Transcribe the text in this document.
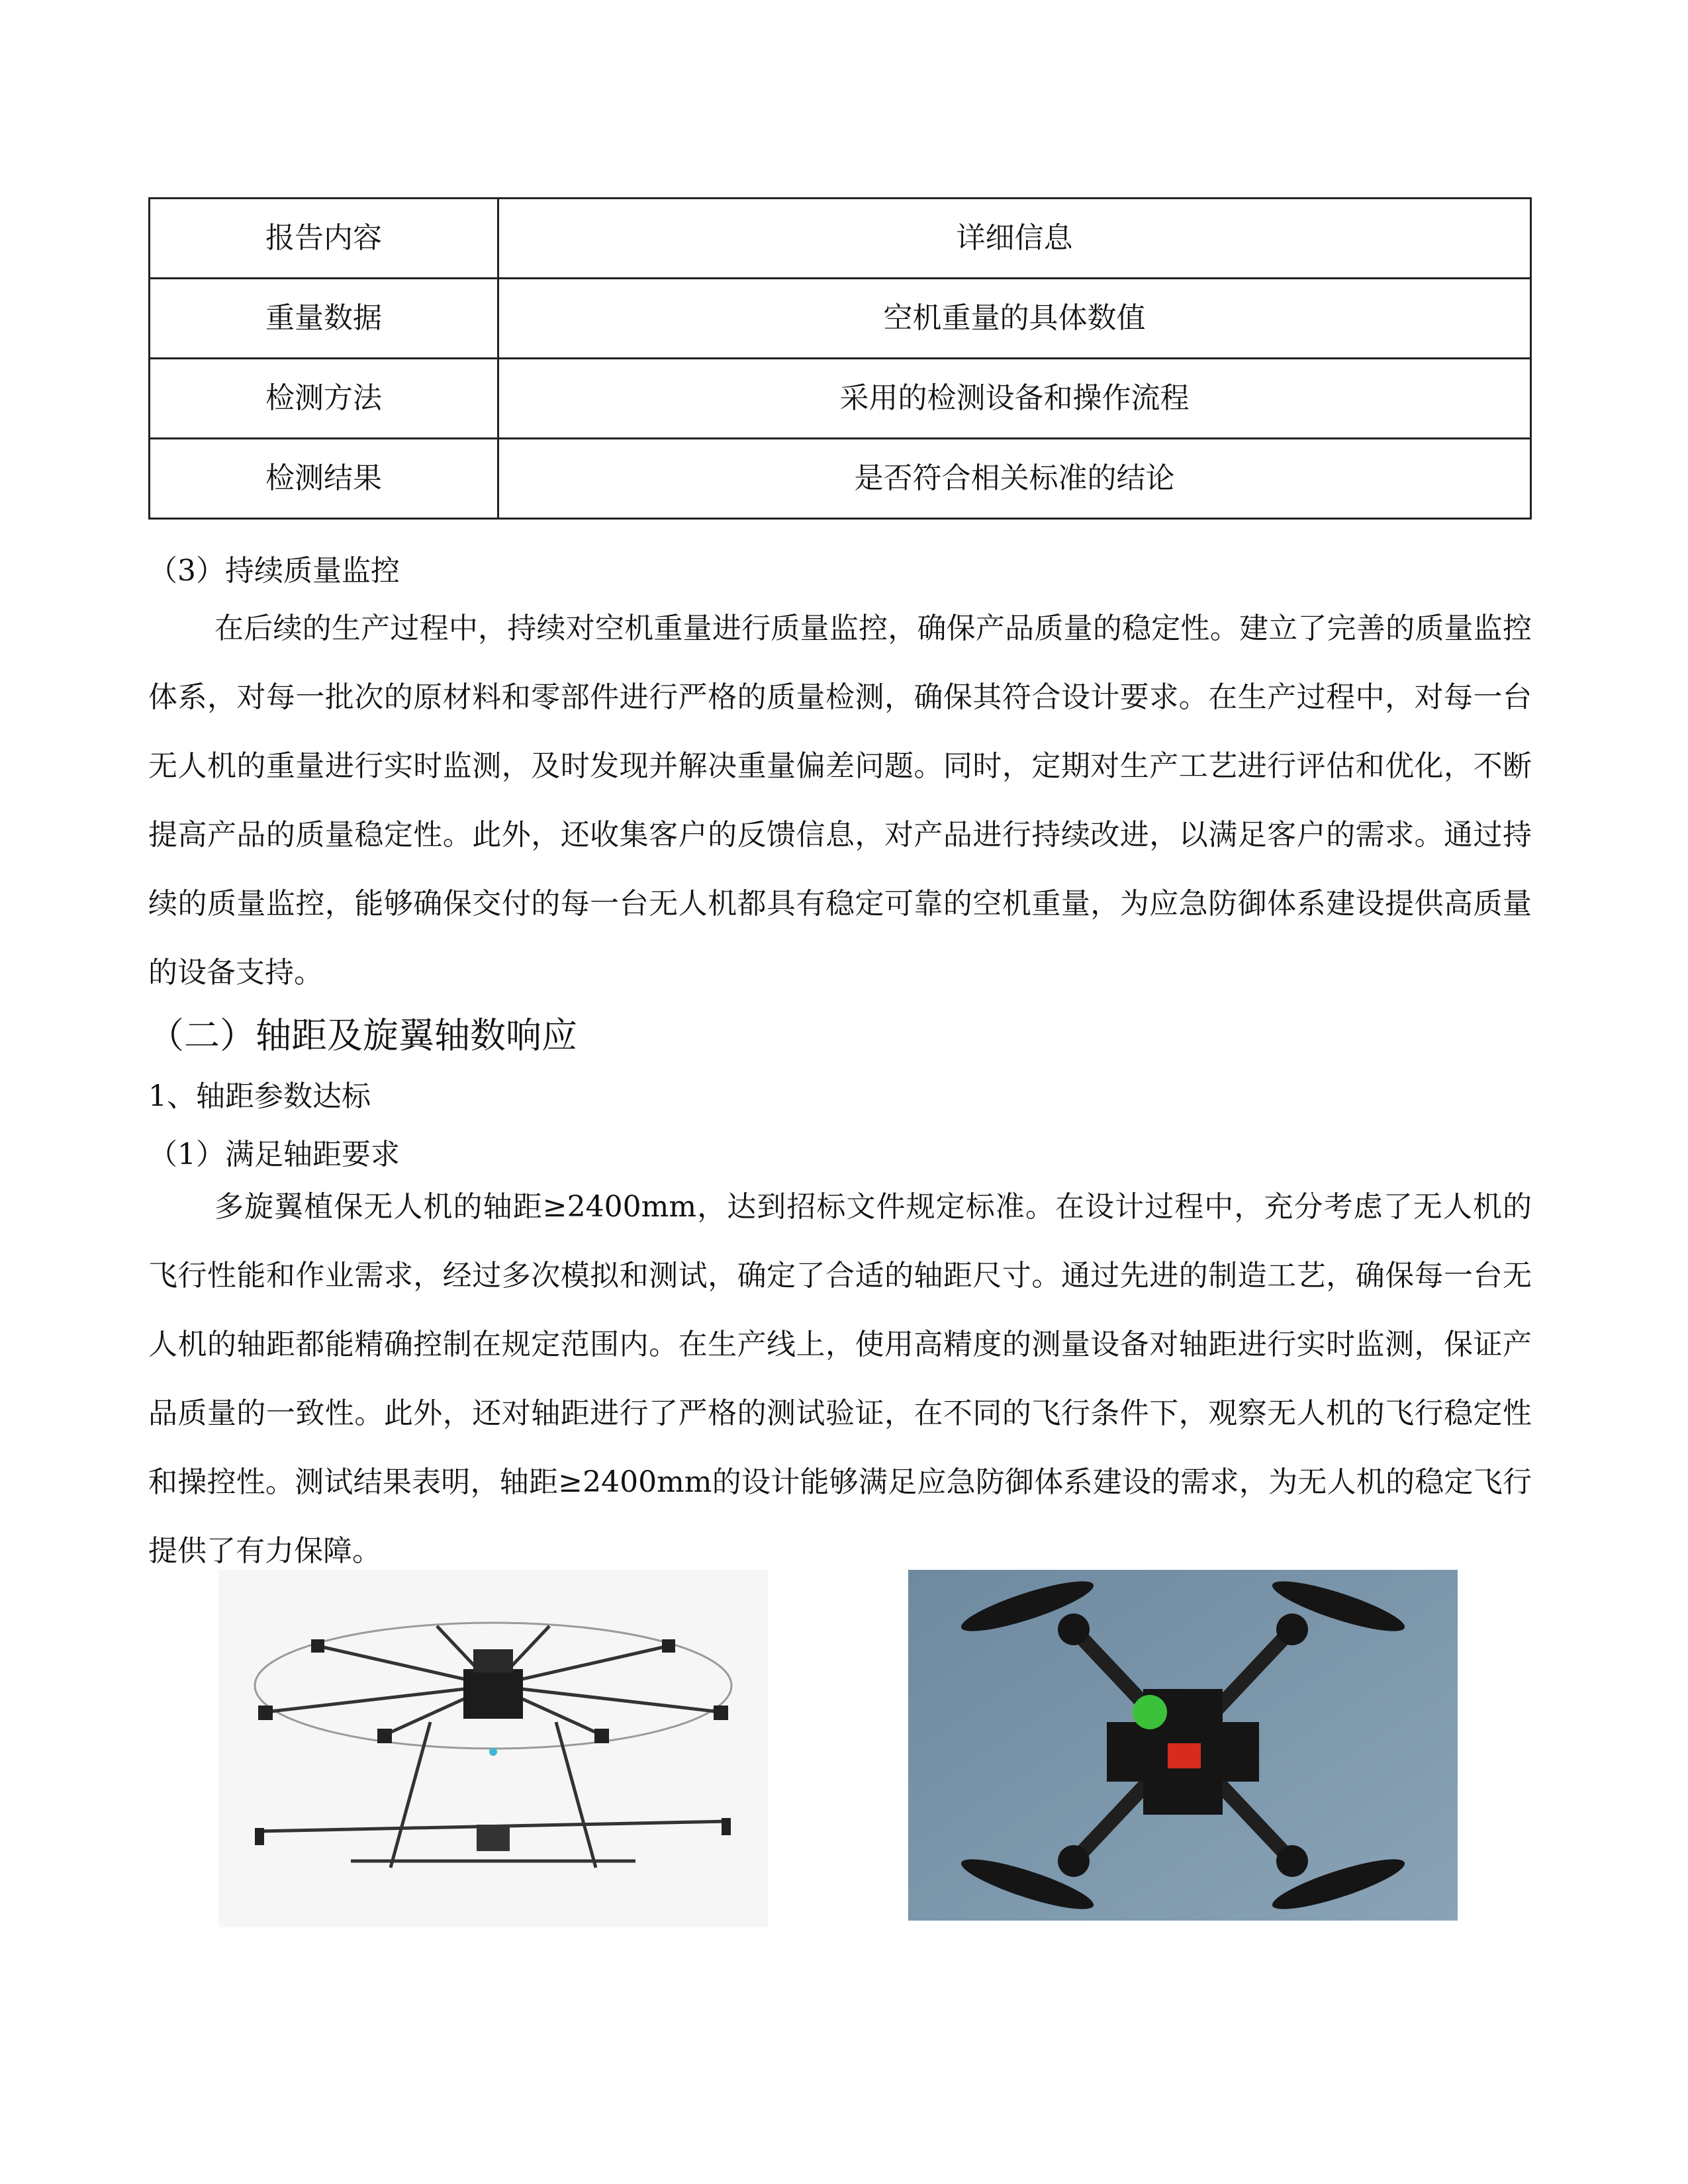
报告内容	详细信息
重量数据	空机重量的具体数值
检测方法	采用的检测设备和操作流程
检测结果	是否符合相关标准的结论
（3）持续质量监控

在后续的生产过程中，持续对空机重量进行质量监控，确保产品质量的稳定性。建立了完善的质量监控体系，对每一批次的原材料和零部件进行严格的质量检测，确保其符合设计要求。在生产过程中，对每一台无人机的重量进行实时监测，及时发现并解决重量偏差问题。同时，定期对生产工艺进行评估和优化，不断提高产品的质量稳定性。此外，还收集客户的反馈信息，对产品进行持续改进，以满足客户的需求。通过持续的质量监控，能够确保交付的每一台无人机都具有稳定可靠的空机重量，为应急防御体系建设提供高质量的设备支持。

（二）轴距及旋翼轴数响应
1、轴距参数达标
（1）满足轴距要求

多旋翼植保无人机的轴距≥2400mm，达到招标文件规定标准。在设计过程中，充分考虑了无人机的飞行性能和作业需求，经过多次模拟和测试，确定了合适的轴距尺寸。通过先进的制造工艺，确保每一台无人机的轴距都能精确控制在规定范围内。在生产线上，使用高精度的测量设备对轴距进行实时监测，保证产品质量的一致性。此外，还对轴距进行了严格的测试验证，在不同的飞行条件下，观察无人机的飞行稳定性和操控性。测试结果表明，轴距≥2400mm的设计能够满足应急防御体系建设的需求，为无人机的稳定飞行提供了有力保障。
